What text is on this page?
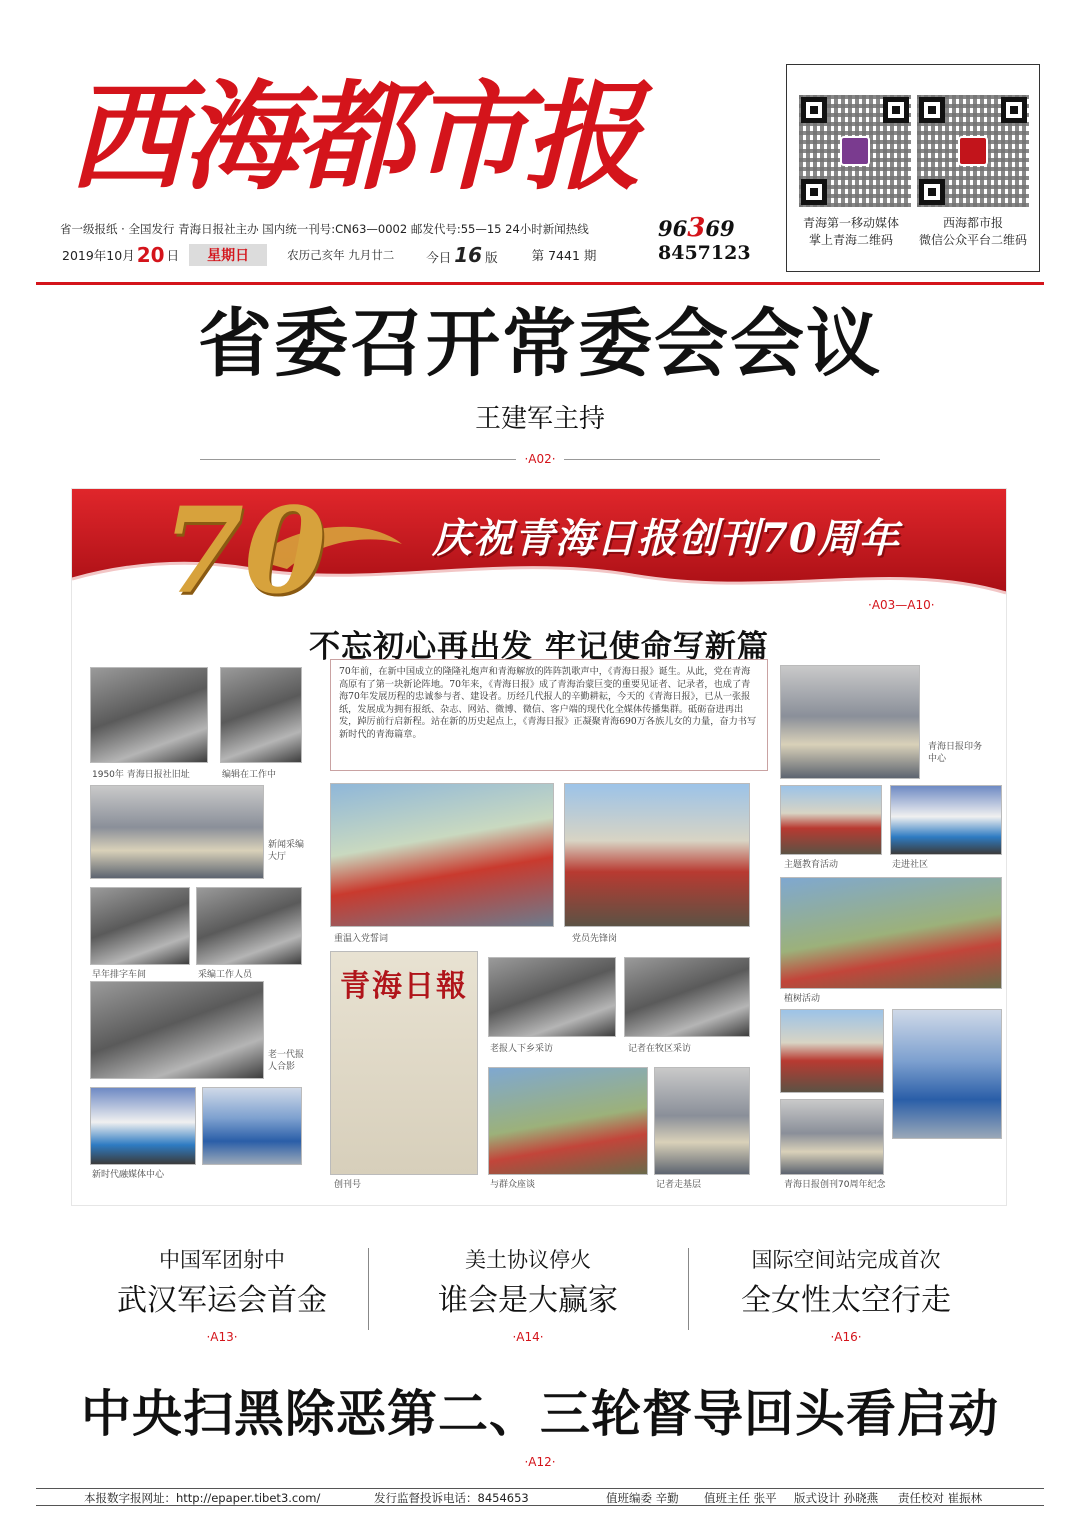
西海都市报
省一级报纸 · 全国发行 青海日报社主办 国内统一刊号:CN63—0002 邮发代号:55—15 24小时新闻热线
2019年10月 20 日	星期日	农历己亥年 九月廿二	今日 16 版	第 7441 期
96369
8457123
青海第一移动媒体
掌上青海二维码
西海都市报
微信公众平台二维码
省委召开常委会会议
王建军主持
·A02·
70	庆祝青海日报创刊70周年
·A03—A10·
不忘初心再出发 牢记使命写新篇
1950年 青海日报社旧址	编辑在工作中
新闻采编大厅
早年排字车间	采编工作人员
老一代报人合影
新时代融媒体中心
70年前，在新中国成立的隆隆礼炮声和青海解放的阵阵凯歌声中，《青海日报》诞生。从此，党在青海高原有了第一块新论阵地。70年来，《青海日报》成了青海治蒙巨变的重要见证者、记录者，也成了青海70年发展历程的忠诚参与者、建设者。历经几代报人的辛勤耕耘，今天的《青海日报》，已从一张报纸，发展成为拥有报纸、杂志、网站、微博、微信、客户端的现代化全媒体传播集群。砥砺奋进再出发，踔厉前行启新程。站在新的历史起点上，《青海日报》正凝聚青海690万各族儿女的力量，奋力书写新时代的青海篇章。
重温入党誓词	党员先锋岗
青海日報
创刊号
老报人下乡采访	记者在牧区采访
与群众座谈	记者走基层
青海日报印务中心
主题教育活动	走进社区
植树活动
青海日报创刊70周年纪念
中国军团射中
武汉军运会首金
·A13·
美土协议停火
谁会是大赢家
·A14·
国际空间站完成首次
全女性太空行走
·A16·
中央扫黑除恶第二、三轮督导回头看启动
·A12·
本报数字报网址：http://epaper.tibet3.com/	发行监督投诉电话：8454653	值班编委 辛勤 值班主任 张平 版式设计 孙晓燕 责任校对 崔振林
